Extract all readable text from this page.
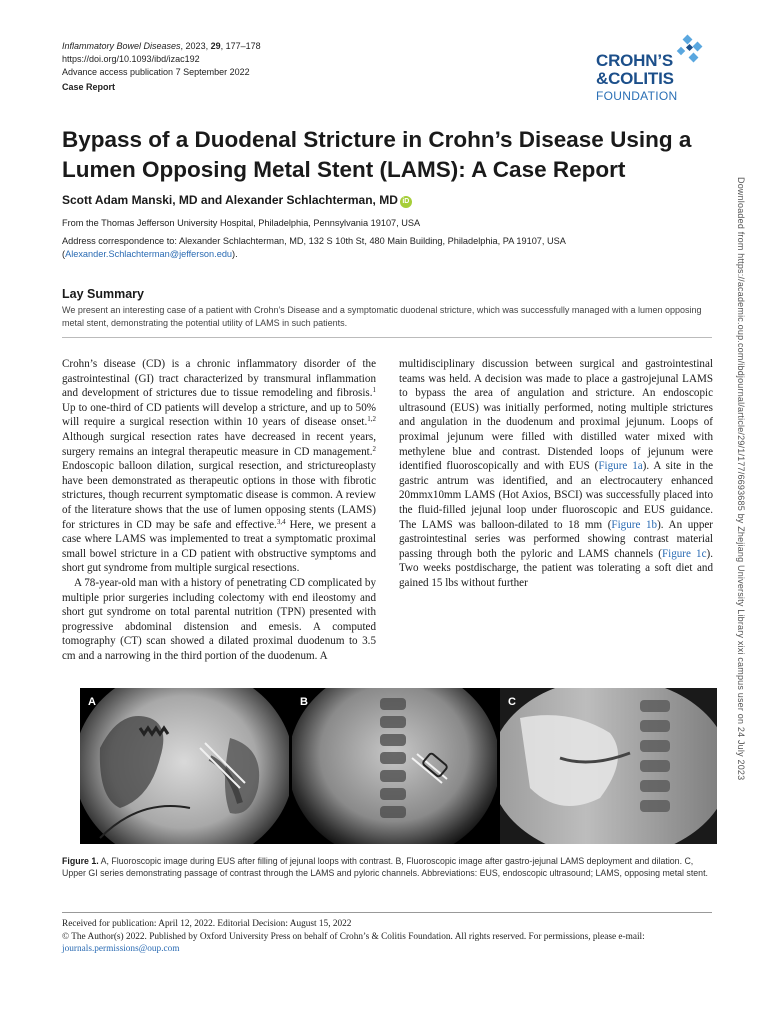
Inflammatory Bowel Diseases, 2023, 29, 177–178
https://doi.org/10.1093/ibd/izac192
Advance access publication 7 September 2022
Case Report
CROHN’S
&COLITIS
FOUNDATION
Bypass of a Duodenal Stricture in Crohn’s Disease Using a Lumen Opposing Metal Stent (LAMS): A Case Report
Scott Adam Manski, MD and Alexander Schlachterman, MD iD
From the Thomas Jefferson University Hospital, Philadelphia, Pennsylvania 19107, USA
Address correspondence to: Alexander Schlachterman, MD, 132 S 10th St, 480 Main Building, Philadelphia, PA 19107, USA (Alexander.Schlachterman@jefferson.edu).
Lay Summary

We present an interesting case of a patient with Crohn’s Disease and a symptomatic duodenal stricture, which was successfully managed with a lumen opposing metal stent, demonstrating the potential utility of LAMS in such patients.

Crohn’s disease (CD) is a chronic inflammatory disorder of the gastrointestinal (GI) tract characterized by transmural inflammation and development of strictures due to tissue remodeling and fibrosis.$^1$ Up to one-third of CD patients will develop a stricture, and up to 50% will require a surgical resection within 10 years of disease onset.$^{1,2}$ Although surgical resection rates have decreased in recent years, surgery remains an integral therapeutic measure in CD management.$^2$ Endoscopic balloon dilation, surgical resection, and strictureoplasty have been demonstrated as therapeutic options in those with fibrotic strictures, though recurrent symptomatic disease is common. A review of the literature shows that the use of lumen opposing stents (LAMS) for strictures in CD may be safe and effective.$^{3,4}$ Here, we present a case where LAMS was implemented to treat a symptomatic proximal small bowel stricture in a CD patient with obstructive symptoms and short gut syndrome from multiple surgical resections.

A 78-year-old man with a history of penetrating CD complicated by multiple prior surgeries including colectomy with end ileostomy and short gut syndrome on total parental nutrition (TPN) presented with progressive abdominal distension and emesis. A computed tomography (CT) scan showed a dilated proximal duodenum to 3.5 cm and a narrowing in the third portion of the duodenum. A

multidisciplinary discussion between surgical and gastrointestinal teams was held. A decision was made to place a gastrojejunal LAMS to bypass the area of angulation and stricture. An endoscopic ultrasound (EUS) was initially performed, noting multiple strictures and angulation in the duodenum and proximal jejunum. Loops of proximal jejunum were filled with distilled water mixed with methylene blue and contrast. Distended loops of jejunum were identified fluoroscopically and with EUS (Figure 1a). A site in the gastric antrum was identified, and an electrocautery enhanced 20mmx10mm LAMS (Hot Axios, BSCI) was successfully placed into the fluid-filled jejunal loop under fluoroscopic and EUS guidance. The LAMS was balloon-dilated to 18 mm (Figure 1b). An upper gastrointestinal series was performed showing contrast material passing through both the pyloric and LAMS channels (Figure 1c). Two weeks postdischarge, the patient was tolerating a soft diet and gained 15 lbs without further	Downloaded from https://academic.oup.com/ibdjournal/article/29/1/177/6693685 by Zhejiang University Library xixi campus user on 24 July 2023
A	B	C

Figure 1. A, Fluoroscopic image during EUS after filling of jejunal loops with contrast. B, Fluoroscopic image after gastro-jejunal LAMS deployment and dilation. C, Upper GI series demonstrating passage of contrast through the LAMS and pyloric channels. Abbreviations: EUS, endoscopic ultrasound; LAMS, opposing metal stent.

Received for publication: April 12, 2022. Editorial Decision: August 15, 2022
© The Author(s) 2022. Published by Oxford University Press on behalf of Crohn’s & Colitis Foundation. All rights reserved. For permissions, please e-mail:
journals.permissions@oup.com
